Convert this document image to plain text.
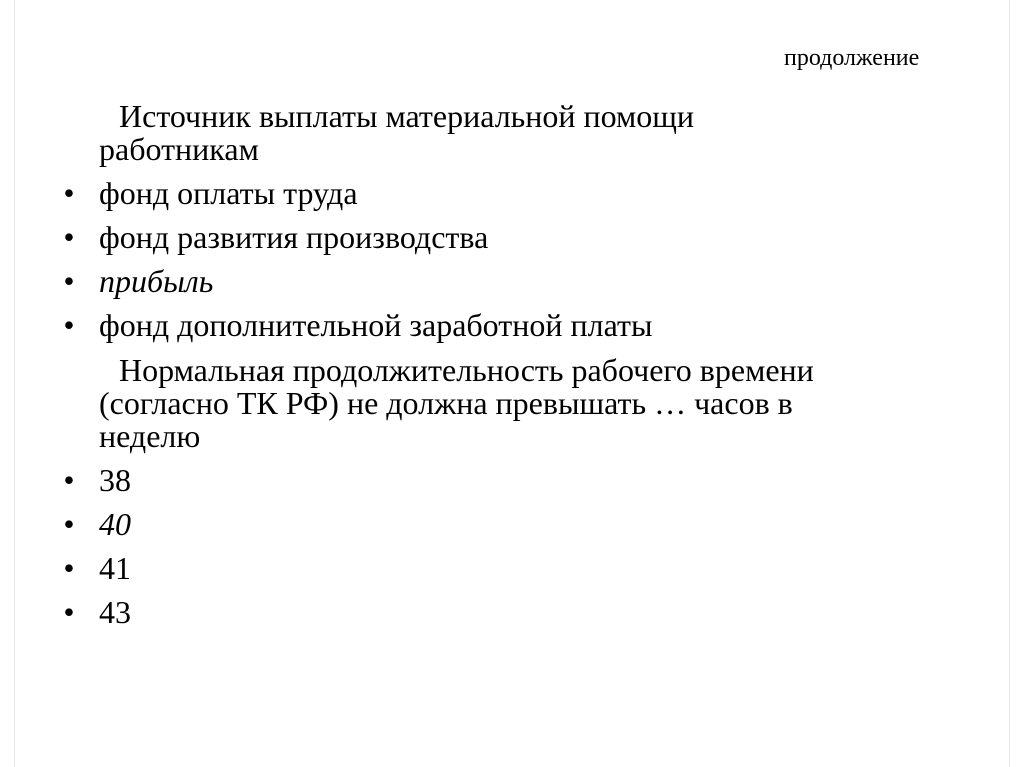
продолжение
Источник выплаты материальной помощи
работникам
• фонд оплаты труда
• фонд развития производства
• прибыль
• фонд дополнительной заработной платы
Нормальная продолжительность рабочего времени
(согласно ТК РФ) не должна превышать … часов в
неделю
• 38
• 40
• 41
• 43
